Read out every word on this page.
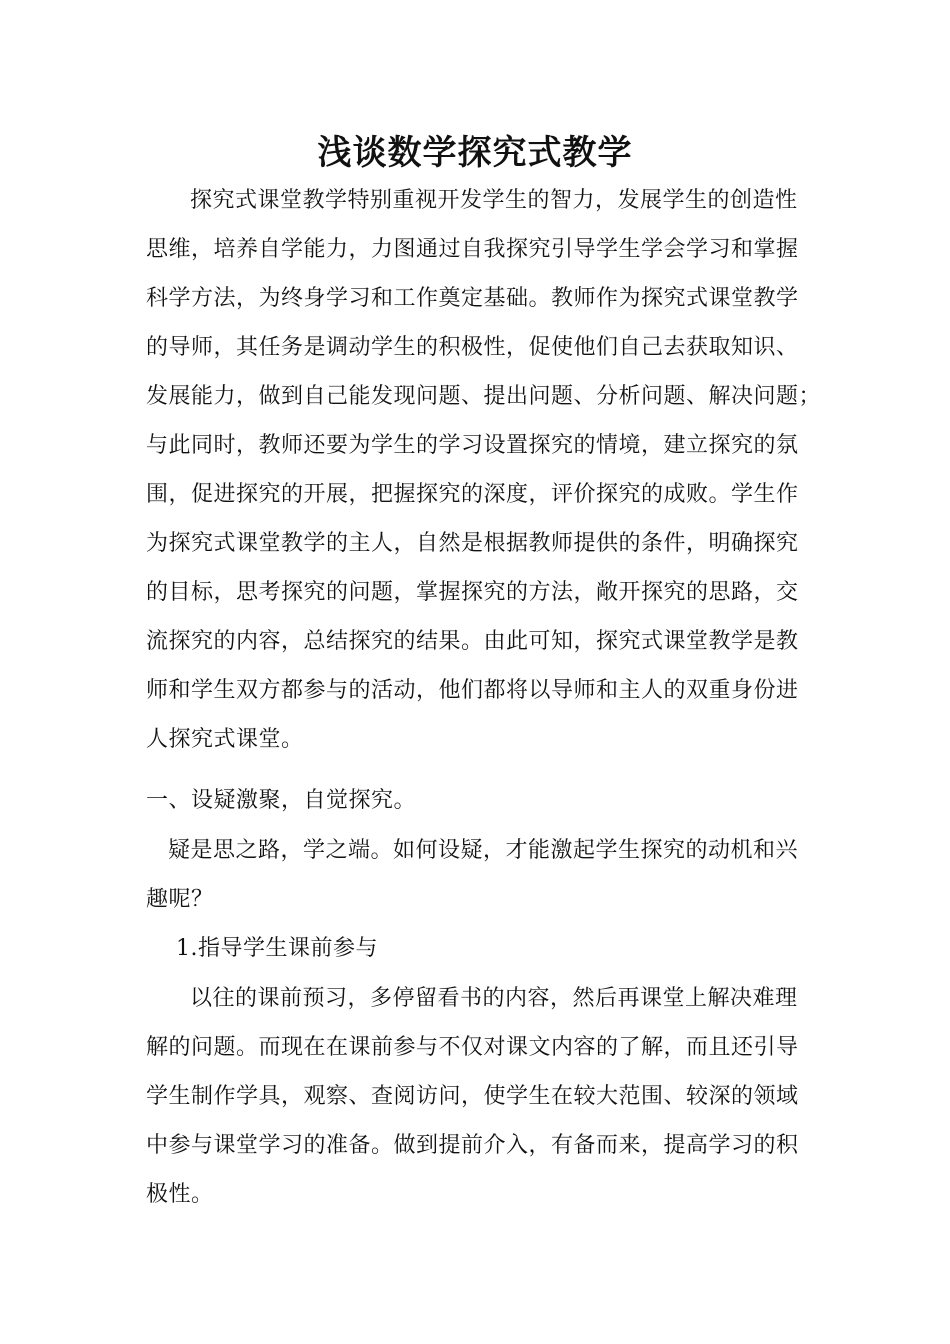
浅谈数学探究式教学
探究式课堂教学特别重视开发学生的智力，发展学生的创造性
思维，培养自学能力，力图通过自我探究引导学生学会学习和掌握
科学方法，为终身学习和工作奠定基础。教师作为探究式课堂教学
的导师，其任务是调动学生的积极性，促使他们自己去获取知识、
发展能力，做到自己能发现问题、提出问题、分析问题、解决问题；
与此同时，教师还要为学生的学习设置探究的情境，建立探究的氛
围，促进探究的开展，把握探究的深度，评价探究的成败。学生作
为探究式课堂教学的主人，自然是根据教师提供的条件，明确探究
的目标，思考探究的问题，掌握探究的方法，敞开探究的思路，交
流探究的内容，总结探究的结果。由此可知，探究式课堂教学是教
师和学生双方都参与的活动，他们都将以导师和主人的双重身份进
人探究式课堂。
一、设疑激聚，自觉探究。
疑是思之路，学之端。如何设疑，才能激起学生探究的动机和兴
趣呢？
1.指导学生课前参与
以往的课前预习，多停留看书的内容，然后再课堂上解决难理
解的问题。而现在在课前参与不仅对课文内容的了解，而且还引导
学生制作学具，观察、查阅访问，使学生在较大范围、较深的领域
中参与课堂学习的准备。做到提前介入，有备而来，提高学习的积
极性。
